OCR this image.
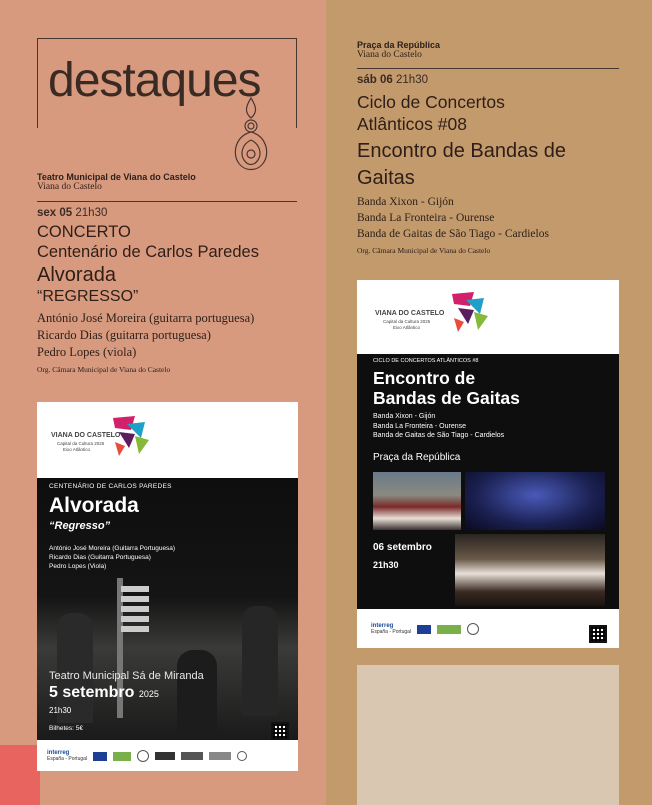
destaques
Teatro Municipal de Viana do Castelo
Viana do Castelo
sex 05 21h30
CONCERTO
Centenário de Carlos Paredes
Alvorada
“REGRESSO”
António José Moreira (guitarra portuguesa)
Ricardo Dias (guitarra portuguesa)
Pedro Lopes (viola)
Org. Câmara Municipal de Viana do Castelo
VIANA DO CASTELO
Capital da Cultura 2025
Eixo Atlântico
CENTENÁRIO DE CARLOS PAREDES
Alvorada
“Regresso”
António José Moreira (Guitarra Portuguesa)
Ricardo Dias (Guitarra Portuguesa)
Pedro Lopes (Viola)
Teatro Municipal Sá de Miranda
5 setembro 2025
21h30
Bilhetes: 5€
interreg
España - Portugal
Praça da República
Viana do Castelo
sáb 06 21h30
Ciclo de Concertos
Atlânticos #08
Encontro de Bandas de
Gaitas
Banda Xixon - Gijón
Banda La Fronteira - Ourense
Banda de Gaitas de São Tiago - Cardielos
Org. Câmara Municipal de Viana do Castelo
VIANA DO CASTELO
Capital da Cultura 2025
Eixo Atlântico
CICLO DE CONCERTOS ATLÂNTICOS #8
Encontro de
Bandas de Gaitas
Banda Xixon - Gijón
Banda La Fronteira - Ourense
Banda de Gaitas de São Tiago - Cardielos
Praça da República
06 setembro
21h30
interreg
España - Portugal
